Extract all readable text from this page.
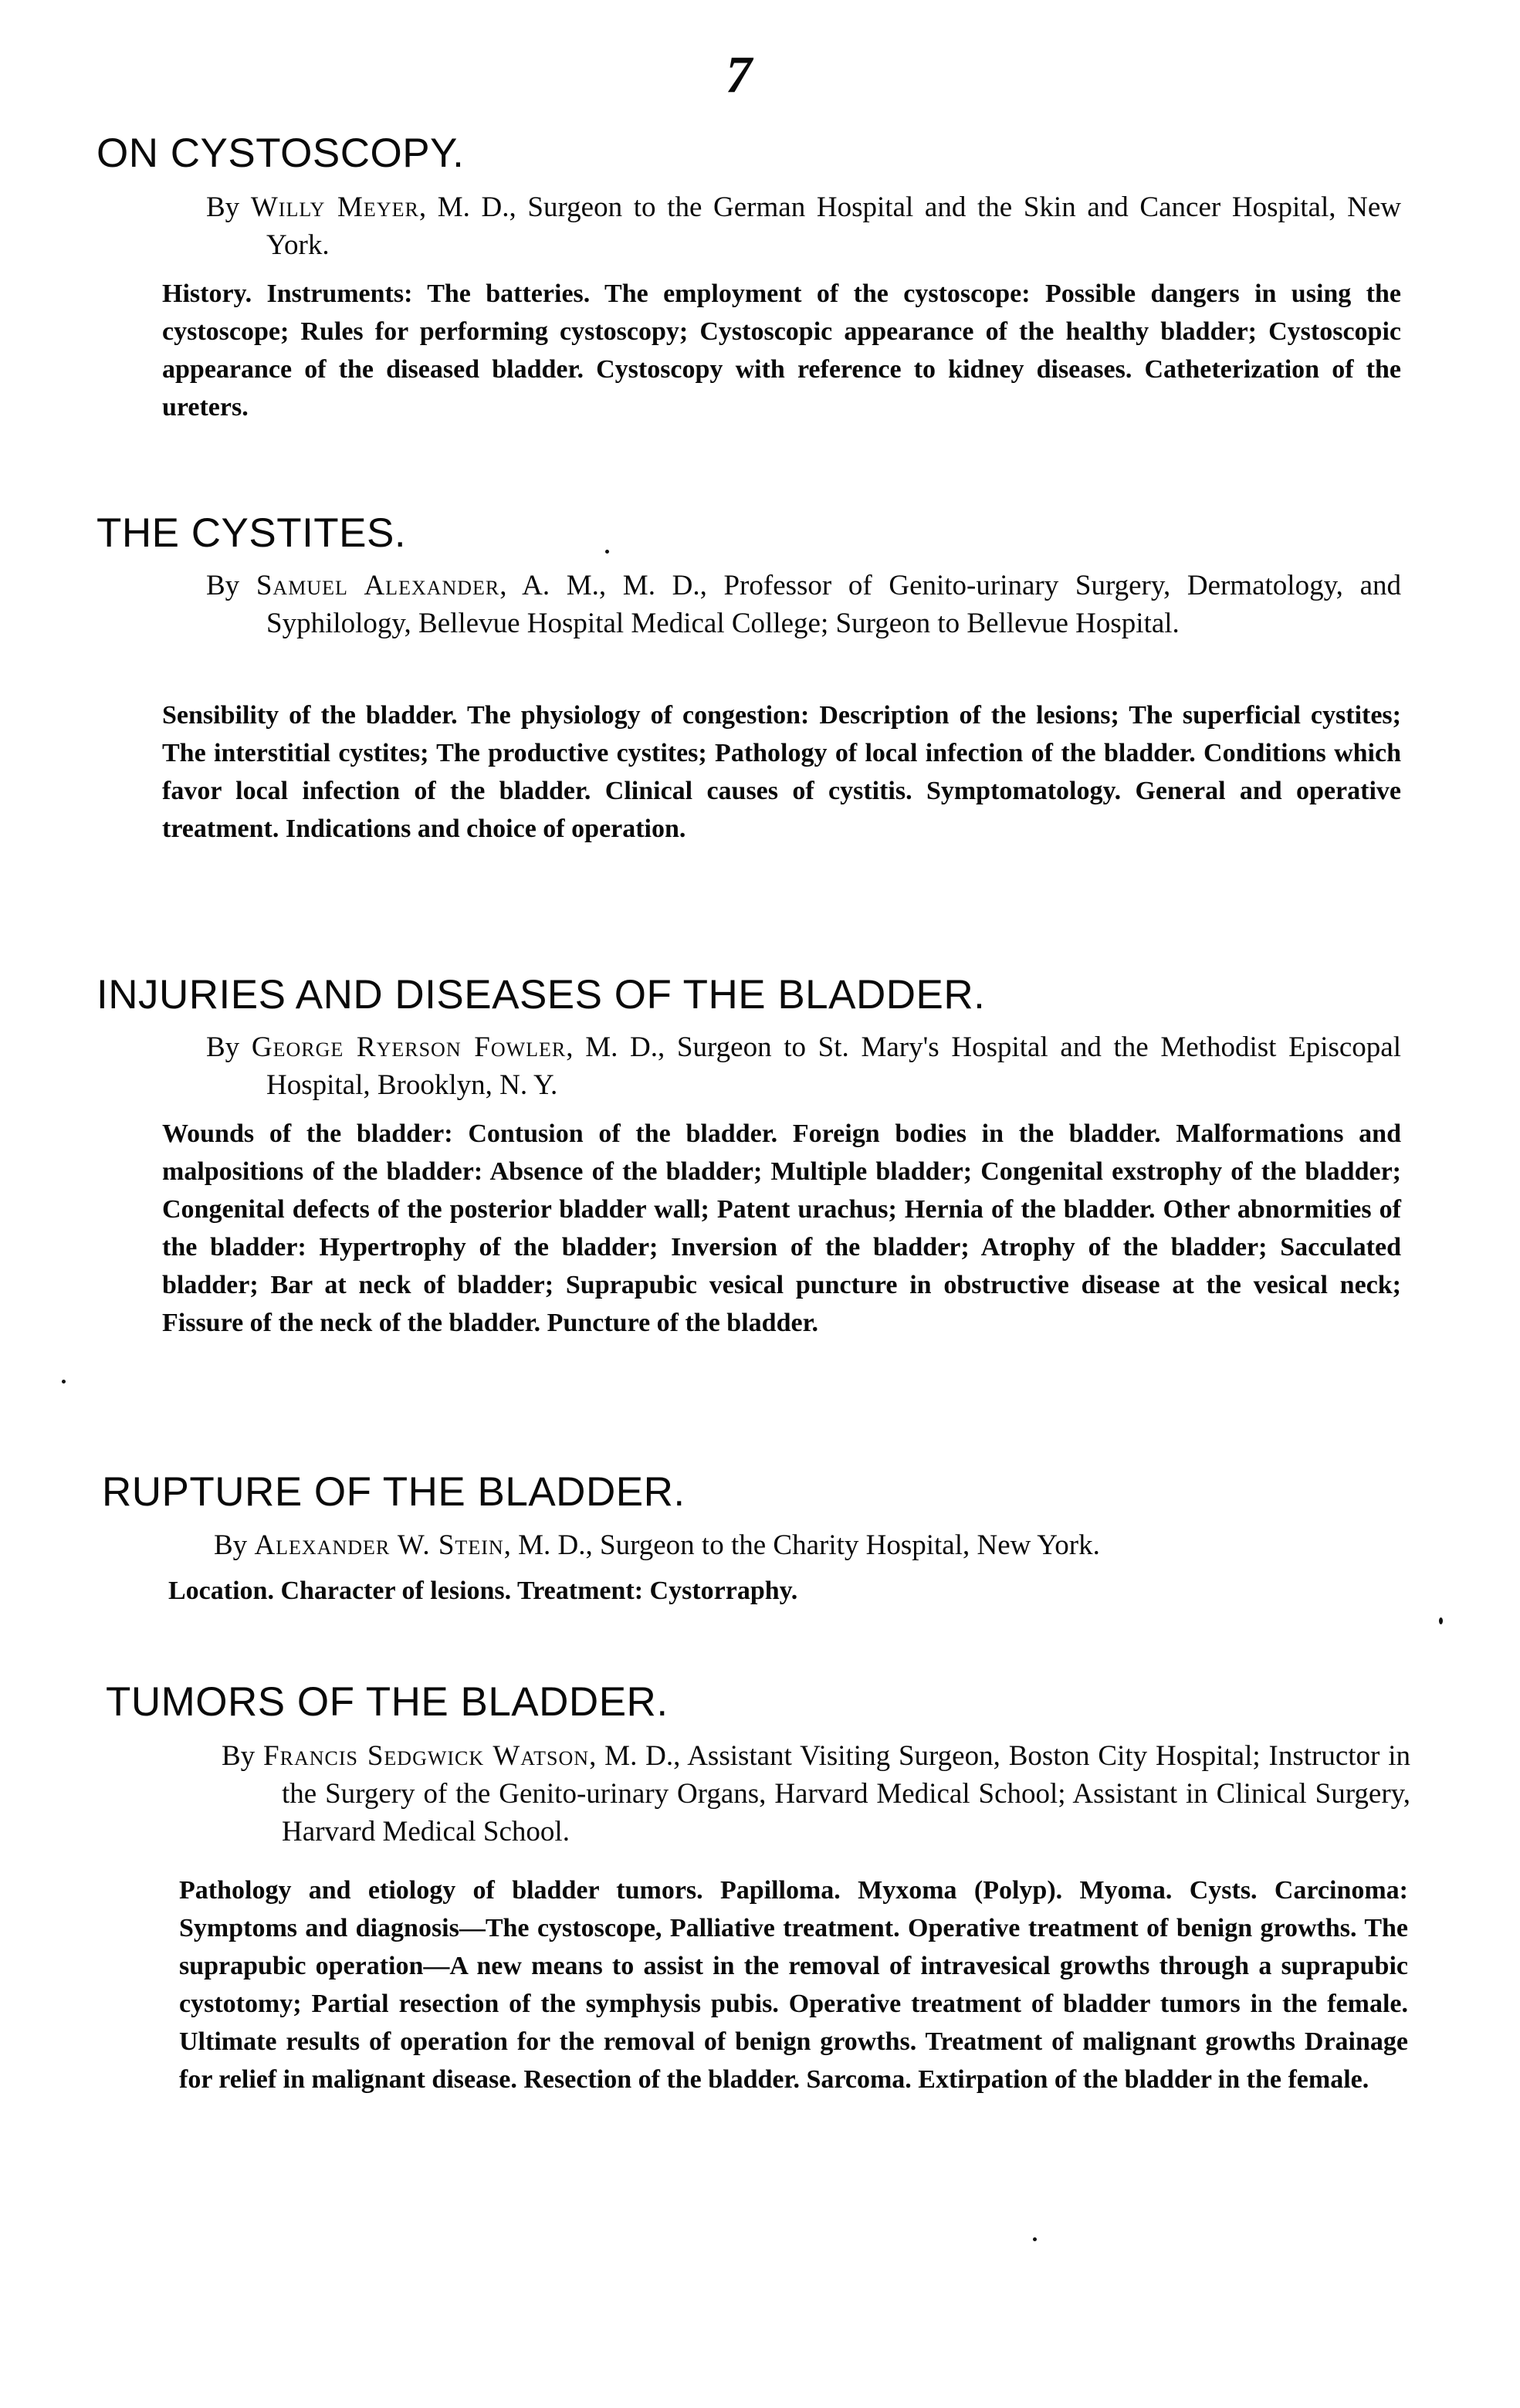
7
ON CYSTOSCOPY.
By Willy Meyer, M. D., Surgeon to the German Hospital and the Skin and Cancer Hospital, New York.
History. Instruments: The batteries. The employment of the cystoscope: Possible dangers in using the cystoscope; Rules for performing cystoscopy; Cystoscopic appearance of the healthy bladder; Cystoscopic appearance of the diseased bladder. Cystoscopy with reference to kidney diseases. Catheterization of the ureters.
THE CYSTITES.
By Samuel Alexander, A. M., M. D., Professor of Genito-urinary Surgery, Dermatology, and Syphilology, Bellevue Hospital Medical College; Surgeon to Bellevue Hospital.
Sensibility of the bladder. The physiology of congestion: Description of the lesions; The superficial cystites; The interstitial cystites; The productive cystites; Pathology of local infection of the bladder. Conditions which favor local infection of the bladder. Clinical causes of cystitis. Symptomatology. General and operative treatment. Indications and choice of operation.
INJURIES AND DISEASES OF THE BLADDER.
By George Ryerson Fowler, M. D., Surgeon to St. Mary's Hospital and the Methodist Episcopal Hospital, Brooklyn, N. Y.
Wounds of the bladder: Contusion of the bladder. Foreign bodies in the bladder. Malformations and malpositions of the bladder: Absence of the bladder; Multiple bladder; Congenital exstrophy of the bladder; Congenital defects of the posterior bladder wall; Patent urachus; Hernia of the bladder. Other abnormities of the bladder: Hypertrophy of the bladder; Inversion of the bladder; Atrophy of the bladder; Sacculated bladder; Bar at neck of bladder; Suprapubic vesical puncture in obstructive disease at the vesical neck; Fissure of the neck of the bladder. Puncture of the bladder.
RUPTURE OF THE BLADDER.
By Alexander W. Stein, M. D., Surgeon to the Charity Hospital, New York.
Location. Character of lesions. Treatment: Cystorraphy.
TUMORS OF THE BLADDER.
By Francis Sedgwick Watson, M. D., Assistant Visiting Surgeon, Boston City Hospital; Instructor in the Surgery of the Genito-urinary Organs, Harvard Medical School; Assistant in Clinical Surgery, Harvard Medical School.
Pathology and etiology of bladder tumors. Papilloma. Myxoma (Polyp). Myoma. Cysts. Carcinoma: Symptoms and diagnosis—The cystoscope, Palliative treatment. Operative treatment of benign growths. The suprapubic operation—A new means to assist in the removal of intravesical growths through a suprapubic cystotomy; Partial resection of the symphysis pubis. Operative treatment of bladder tumors in the female. Ultimate results of operation for the removal of benign growths. Treatment of malignant growths Drainage for relief in malignant disease. Resection of the bladder. Sarcoma. Extirpation of the bladder in the female.
